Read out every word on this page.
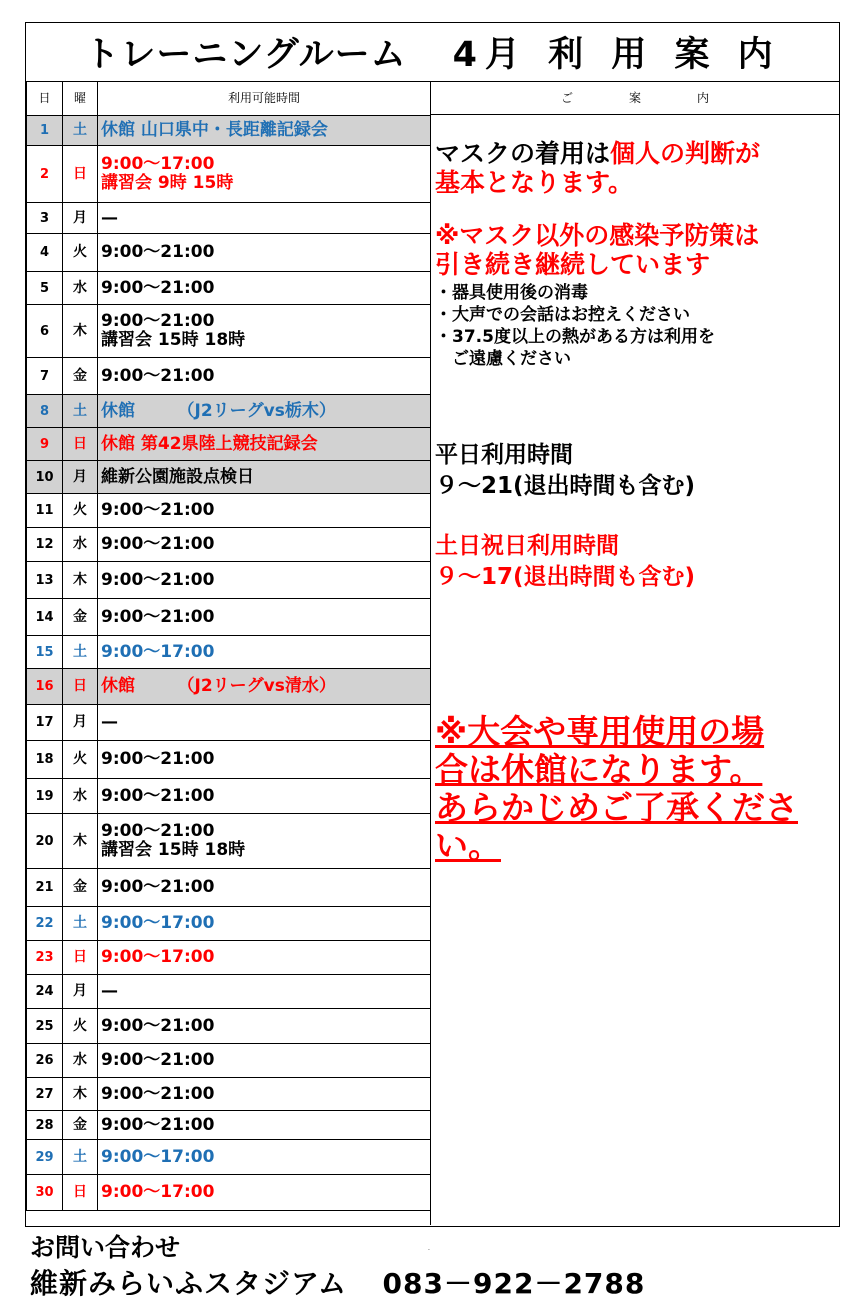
トレーニングルーム 4月 利 用 案 内
日	曜	利用可能時間
1	土	休館 山口県中・長距離記録会

2	日	9:00～17:00
講習会 9時 15時

3	月	—

4	火	9:00～21:00

5	水	9:00～21:00

6	木	9:00～21:00
講習会 15時 18時

7	金	9:00～21:00

8	土	休館　　　（J2リーグvs栃木）

9	日	休館 第42県陸上競技記録会

10	月	維新公園施設点検日

11	火	9:00～21:00

12	水	9:00～21:00

13	木	9:00～21:00

14	金	9:00～21:00

15	土	9:00～17:00

16	日	休館　　　（J2リーグvs清水）

17	月	—

18	火	9:00～21:00

19	水	9:00～21:00

20	木	9:00～21:00
講習会 15時 18時

21	金	9:00～21:00

22	土	9:00～17:00

23	日	9:00～17:00

24	月	—

25	火	9:00～21:00

26	水	9:00～21:00

27	木	9:00～21:00

28	金	9:00～21:00

29	土	9:00～17:00

30	日	9:00～17:00
ご	案	内
マスクの着用は個人の判断が
基本となります。
※マスク以外の感染予防策は
引き続き継続しています
・器具使用後の消毒
・大声での会話はお控えください
・37.5度以上の熱がある方は利用を
　ご遠慮ください
平日利用時間
９～21(退出時間も含む)
土日祝日利用時間
９～17(退出時間も含む)
※大会や専用使用の場
合は休館になります。
あらかじめご了承くださ
い。
お問い合わせ	.
維新みらいふスタジアム 083－922－2788
